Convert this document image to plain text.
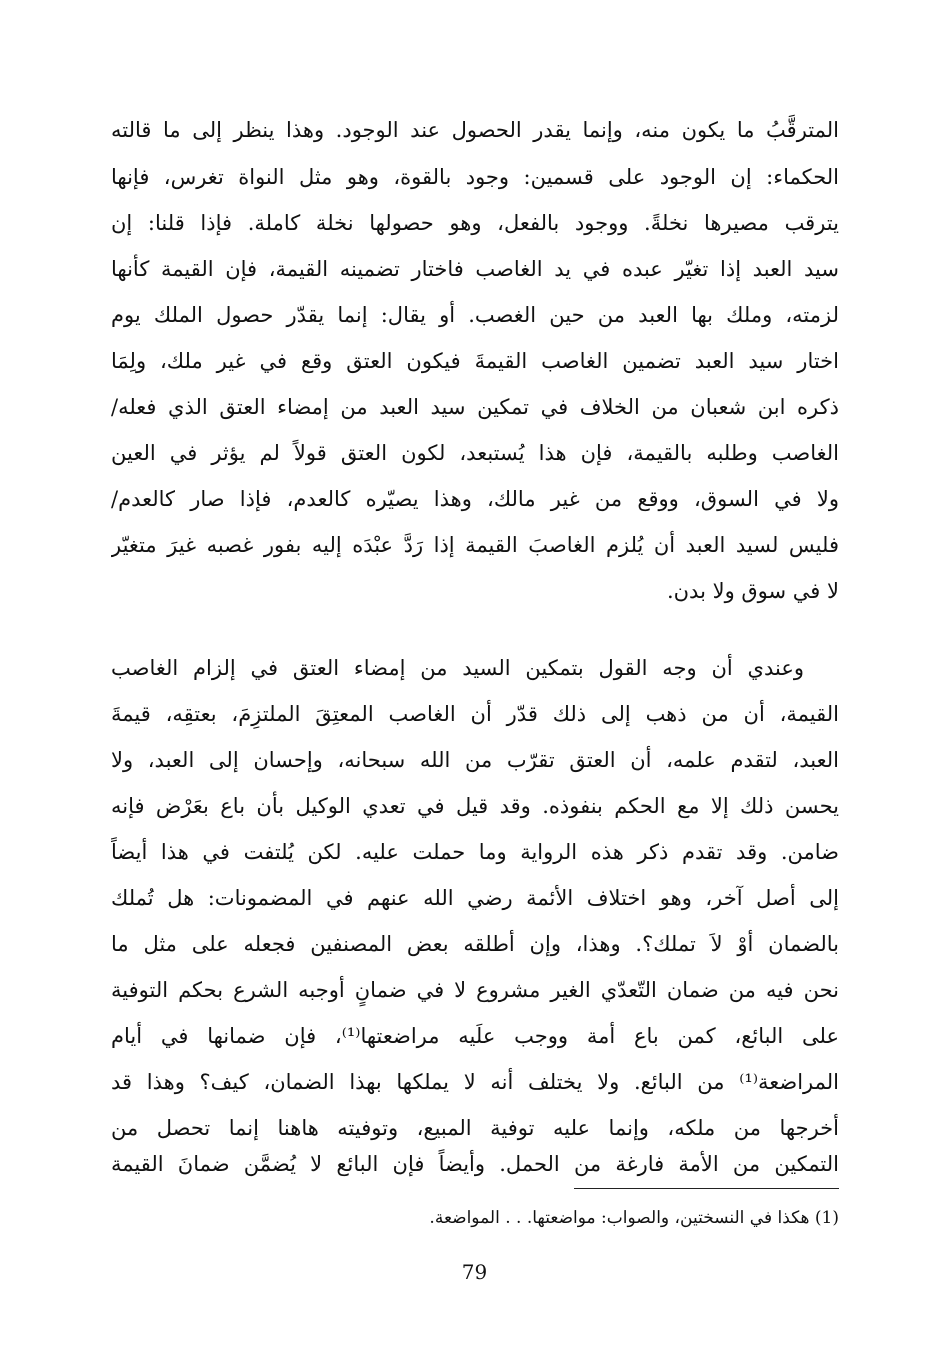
المترقَّبُ ما يكون منه، وإنما يقدر الحصول عند الوجود. وهذا ينظر إلى ما قالته
الحكماء: إن الوجود على قسمين: وجود بالقوة، وهو مثل النواة تغرس، فإنها
يترقب مصيرها نخلةً. ووجود بالفعل، وهو حصولها نخلة كاملة. فإذا قلنا: إن
سيد العبد إذا تغيّر عبده في يد الغاصب فاختار تضمينه القيمة، فإن القيمة كأنها
لزمته، وملك بها العبد من حين الغصب. أو يقال: إنما يقدّر حصول الملك يوم
اختار سيد العبد تضمين الغاصب القيمةَ فيكون العتق وقع في غير ملك، ولِمَا
ذكره ابن شعبان من الخلاف في تمكين سيد العبد من إمضاء العتق الذي فعله/
الغاصب وطلبه بالقيمة، فإن هذا يُستبعد، لكون العتق قولاً لم يؤثر في العين
ولا في السوق، ووقع من غير مالك، وهذا يصيّره كالعدم، فإذا صار كالعدم/
فليس لسيد العبد أن يُلزم الغاصبَ القيمة إذا رَدَّ عبْدَه إليه بفور غصبه غيرَ متغيّر
لا في سوق ولا بدن.
وعندي أن وجه القول بتمكين السيد من إمضاء العتق في إلزام الغاصب
القيمة، أن من ذهب إلى ذلك قدّر أن الغاصب المعتِقَ الملتزِمَ، بعتقِه، قيمةَ
العبد، لتقدم علمه، أن العتق تقرّب من الله سبحانه، وإحسان إلى العبد، ولا
يحسن ذلك إلا مع الحكم بنفوذه. وقد قيل في تعدي الوكيل بأن باع بعَرْض فإنه
ضامن. وقد تقدم ذكر هذه الرواية وما حملت عليه. لكن يُلتفت في هذا أيضاً
إلى أصل آخر، وهو اختلاف الأئمة رضي الله عنهم في المضمونات: هل تُملك
بالضمان أوْ لاَ تملك؟. وهذا، وإن أطلقه بعض المصنفين فجعله على مثل ما
نحن فيه من ضمان التّعدّي الغير مشروع لا في ضمانٍ أوجبه الشرع بحكم التوفية
على البائع، كمن باع أمة ووجب علَيه مراضعتها⁽¹⁾، فإن ضمانها في أيام
المراضعة⁽¹⁾ من البائع. ولا يختلف أنه لا يملكها بهذا الضمان، كيف؟ وهذا قد
أخرجها من ملكه، وإنما عليه توفية المبيع، وتوفيته هاهنا إنما تحصل من
التمكين من الأمة فارغة من الحمل. وأيضاً فإن البائع لا يُضمَّن ضمانَ القيمة
(1) هكذا في النسختين، والصواب: مواضعتها. . . المواضعة.
79
